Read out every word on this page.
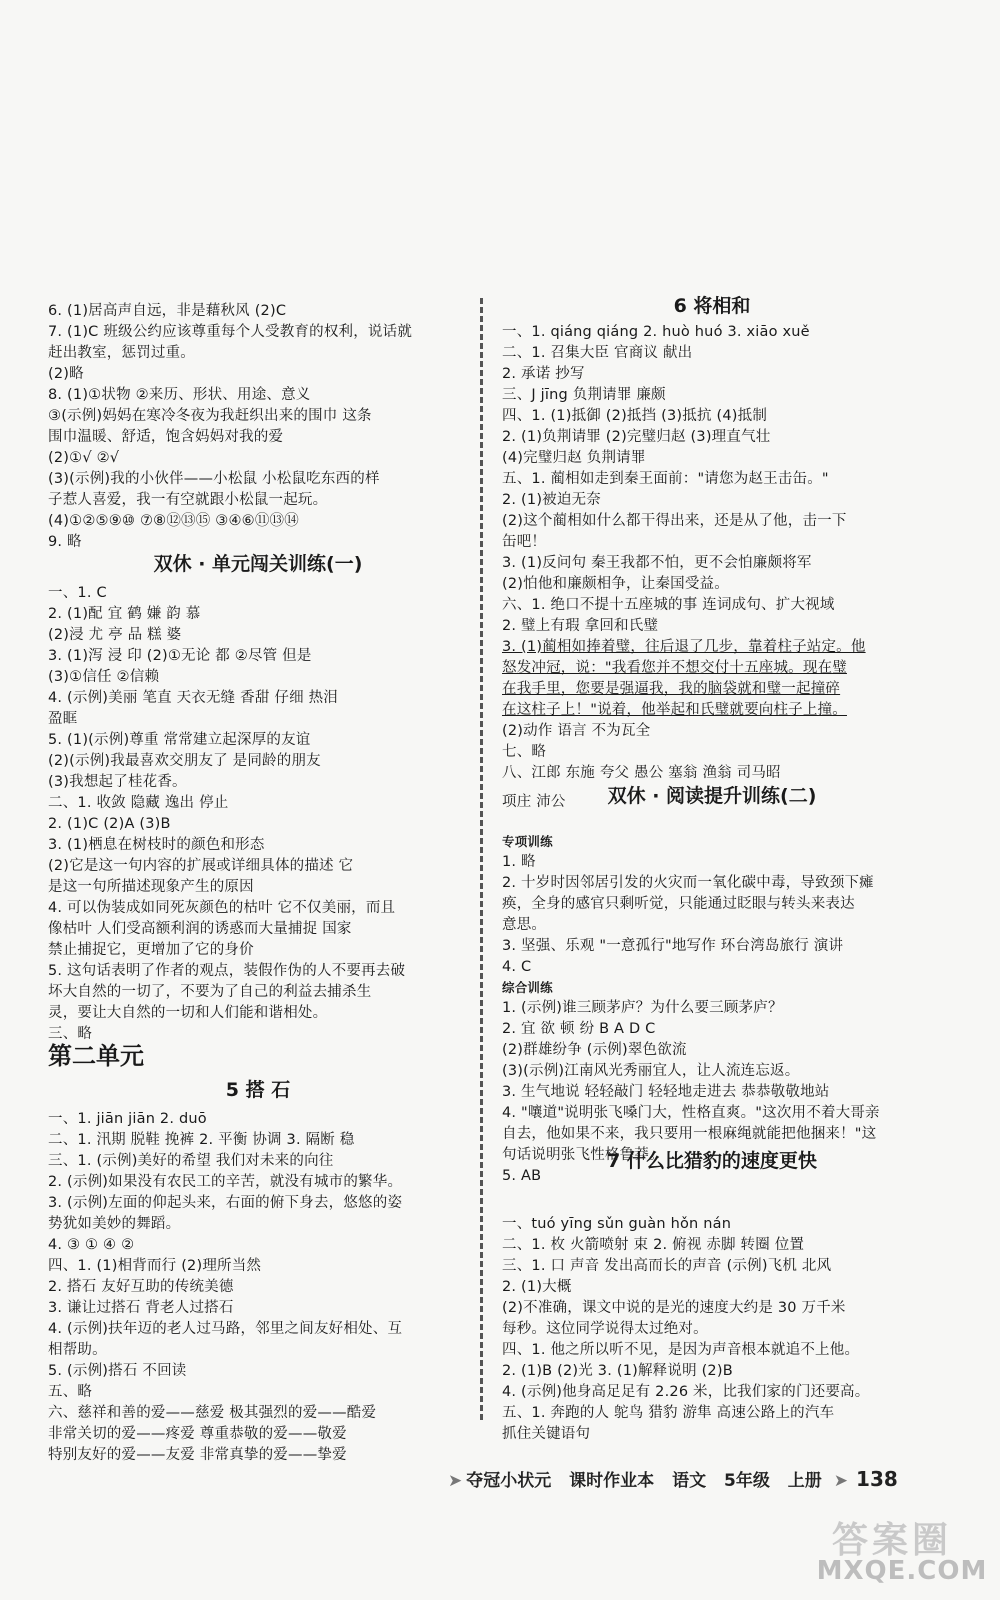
6. (1)居高声自远，非是藉秋风 (2)C
7. (1)C 班级公约应该尊重每个人受教育的权利，说话就
赶出教室，惩罚过重。
(2)略
8. (1)①状物 ②来历、形状、用途、意义
③(示例)妈妈在寒冷冬夜为我赶织出来的围巾 这条
围巾温暖、舒适，饱含妈妈对我的爱
(2)①√ ②√
(3)(示例)我的小伙伴——小松鼠 小松鼠吃东西的样
子惹人喜爱，我一有空就跟小松鼠一起玩。
(4)①②⑤⑨⑩ ⑦⑧⑫⑬⑮ ③④⑥⑪⑬⑭
9. 略
一、1. C
2. (1)配 宜 鹤 嫌 韵 慕
(2)浸 尤 亭 品 糕 婆
3. (1)泻 浸 印 (2)①无论 都 ②尽管 但是
(3)①信任 ②信赖
4. (示例)美丽 笔直 天衣无缝 香甜 仔细 热泪
盈眶
5. (1)(示例)尊重 常常建立起深厚的友谊
(2)(示例)我最喜欢交朋友了 是同龄的朋友
(3)我想起了桂花香。
二、1. 收敛 隐藏 逸出 停止
2. (1)C (2)A (3)B
3. (1)栖息在树枝时的颜色和形态
(2)它是这一句内容的扩展或详细具体的描述 它
是这一句所描述现象产生的原因
4. 可以伪装成如同死灰颜色的枯叶 它不仅美丽，而且
像枯叶 人们受高额利润的诱惑而大量捕捉 国家
禁止捕捉它，更增加了它的身价
5. 这句话表明了作者的观点，装假作伪的人不要再去破
坏大自然的一切了，不要为了自己的利益去捕杀生
灵，要让大自然的一切和人们能和谐相处。
三、略
一、1. jiān jiān 2. duō
二、1. 汛期 脱鞋 挽裤 2. 平衡 协调 3. 隔断 稳
三、1. (示例)美好的希望 我们对未来的向往
2. (示例)如果没有农民工的辛苦，就没有城市的繁华。
3. (示例)左面的仰起头来，右面的俯下身去，悠悠的姿
势犹如美妙的舞蹈。
4. ③ ① ④ ②
四、1. (1)相背而行 (2)理所当然
2. 搭石 友好互助的传统美德
3. 谦让过搭石 背老人过搭石
4. (示例)扶年迈的老人过马路，邻里之间友好相处、互
相帮助。
5. (示例)搭石 不回读
五、略
六、慈祥和善的爱——慈爱 极其强烈的爱——酷爱
非常关切的爱——疼爱 尊重恭敬的爱——敬爱
特别友好的爱——友爱 非常真挚的爱——挚爱
双休 · 单元闯关训练(一)
第二单元
5 搭 石
6 将相和
双休 · 阅读提升训练(二)
7 什么比猎豹的速度更快
一、1. qiáng qiáng 2. huò huó 3. xiāo xuě
二、1. 召集大臣 官商议 献出
2. 承诺 抄写
三、J jīng 负荆请罪 廉颇
四、1. (1)抵御 (2)抵挡 (3)抵抗 (4)抵制
2. (1)负荆请罪 (2)完璧归赵 (3)理直气壮
(4)完璧归赵 负荆请罪
五、1. 蔺相如走到秦王面前："请您为赵王击缶。"
2. (1)被迫无奈
(2)这个蔺相如什么都干得出来，还是从了他，击一下
缶吧！
3. (1)反问句 秦王我都不怕，更不会怕廉颇将军
(2)怕他和廉颇相争，让秦国受益。
六、1. 绝口不提十五座城的事 连词成句、扩大视域
2. 璧上有瑕 拿回和氏璧
3. (1)蔺相如捧着璧，往后退了几步，靠着柱子站定。他
怒发冲冠，说："我看您并不想交付十五座城。现在璧
在我手里，您要是强逼我，我的脑袋就和璧一起撞碎
在这柱子上！"说着，他举起和氏璧就要向柱子上撞。
(2)动作 语言 不为瓦全
七、略
八、江郎 东施 夸父 愚公 塞翁 渔翁 司马昭
项庄 沛公
专项训练
1. 略
2. 十岁时因邻居引发的火灾而一氧化碳中毒，导致颈下瘫
痪，全身的感官只剩听觉，只能通过眨眼与转头来表达
意思。
3. 坚强、乐观 "一意孤行"地写作 环台湾岛旅行 演讲
4. C
综合训练
1. (示例)谁三顾茅庐？为什么要三顾茅庐？
2. 宜 欲 顿 纷 B A D C
(2)群雄纷争 (示例)翠色欲流
(3)(示例)江南风光秀丽宜人，让人流连忘返。
3. 生气地说 轻轻敲门 轻轻地走进去 恭恭敬敬地站
4. "嚷道"说明张飞嗓门大，性格直爽。"这次用不着大哥亲
自去，他如果不来，我只要用一根麻绳就能把他捆来！"这
句话说明张飞性格鲁莽。
5. AB
一、tuó yīng sǔn guàn hǒn nán
二、1. 枚 火箭喷射 束 2. 俯视 赤脚 转圈 位置
三、1. 口 声音 发出高而长的声音 (示例)飞机 北风
2. (1)大概
(2)不准确，课文中说的是光的速度大约是 30 万千米
每秒。这位同学说得太过绝对。
四、1. 他之所以听不见，是因为声音根本就追不上他。
2. (1)B (2)光 3. (1)解释说明 (2)B
4. (示例)他身高足足有 2.26 米，比我们家的门还要高。
五、1. 奔跑的人 鸵鸟 猎豹 游隼 高速公路上的汽车
抓住关键语句
➤ 夺冠小状元 课时作业本 语文 5年级 上册 ➤ 138
答案圈
MXQE.COM
